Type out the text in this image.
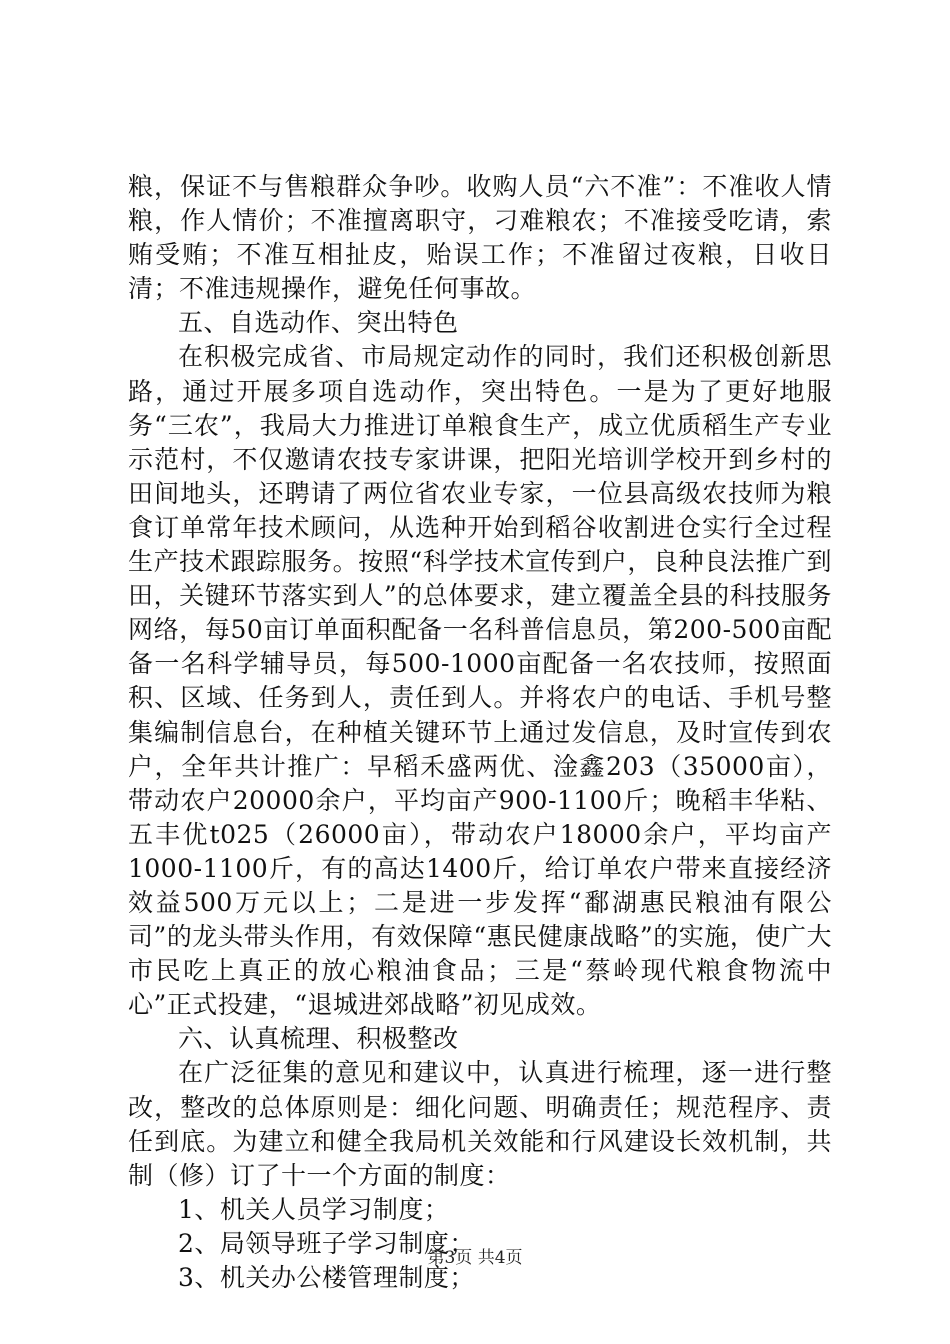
粮，保证不与售粮群众争吵。收购人员“六不准”：不准收人情粮，作人情价；不准擅离职守，刁难粮农；不准接受吃请，索贿受贿；不准互相扯皮，贻误工作；不准留过夜粮，日收日清；不准违规操作，避免任何事故。

五、自选动作、突出特色

在积极完成省、市局规定动作的同时，我们还积极创新思路，通过开展多项自选动作，突出特色。一是为了更好地服务“三农”，我局大力推进订单粮食生产，成立优质稻生产专业示范村，不仅邀请农技专家讲课，把阳光培训学校开到乡村的田间地头，还聘请了两位省农业专家，一位县高级农技师为粮食订单常年技术顾问，从选种开始到稻谷收割进仓实行全过程生产技术跟踪服务。按照“科学技术宣传到户，良种良法推广到田，关键环节落实到人”的总体要求，建立覆盖全县的科技服务网络，每50亩订单面积配备一名科普信息员，第200-500亩配备一名科学辅导员，每500-1000亩配备一名农技师，按照面积、区域、任务到人，责任到人。并将农户的电话、手机号整集编制信息台，在种植关键环节上通过发信息，及时宣传到农户，全年共计推广：早稻禾盛两优、淦鑫203（35000亩），带动农户20000余户，平均亩产900-1100斤；晚稻丰华粘、五丰优t025（26000亩），带动农户18000余户，平均亩产1000-1100斤，有的高达1400斤，给订单农户带来直接经济效益500万元以上；二是进一步发挥“鄱湖惠民粮油有限公司”的龙头带头作用，有效保障“惠民健康战略”的实施，使广大市民吃上真正的放心粮油食品；三是“蔡岭现代粮食物流中心”正式投建，“退城进郊战略”初见成效。

六、认真梳理、积极整改

在广泛征集的意见和建议中，认真进行梳理，逐一进行整改，整改的总体原则是：细化问题、明确责任；规范程序、责任到底。为建立和健全我局机关效能和行风建设长效机制，共制（修）订了十一个方面的制度：

1、机关人员学习制度；

2、局领导班子学习制度；

3、机关办公楼管理制度；

第3页 共4页
